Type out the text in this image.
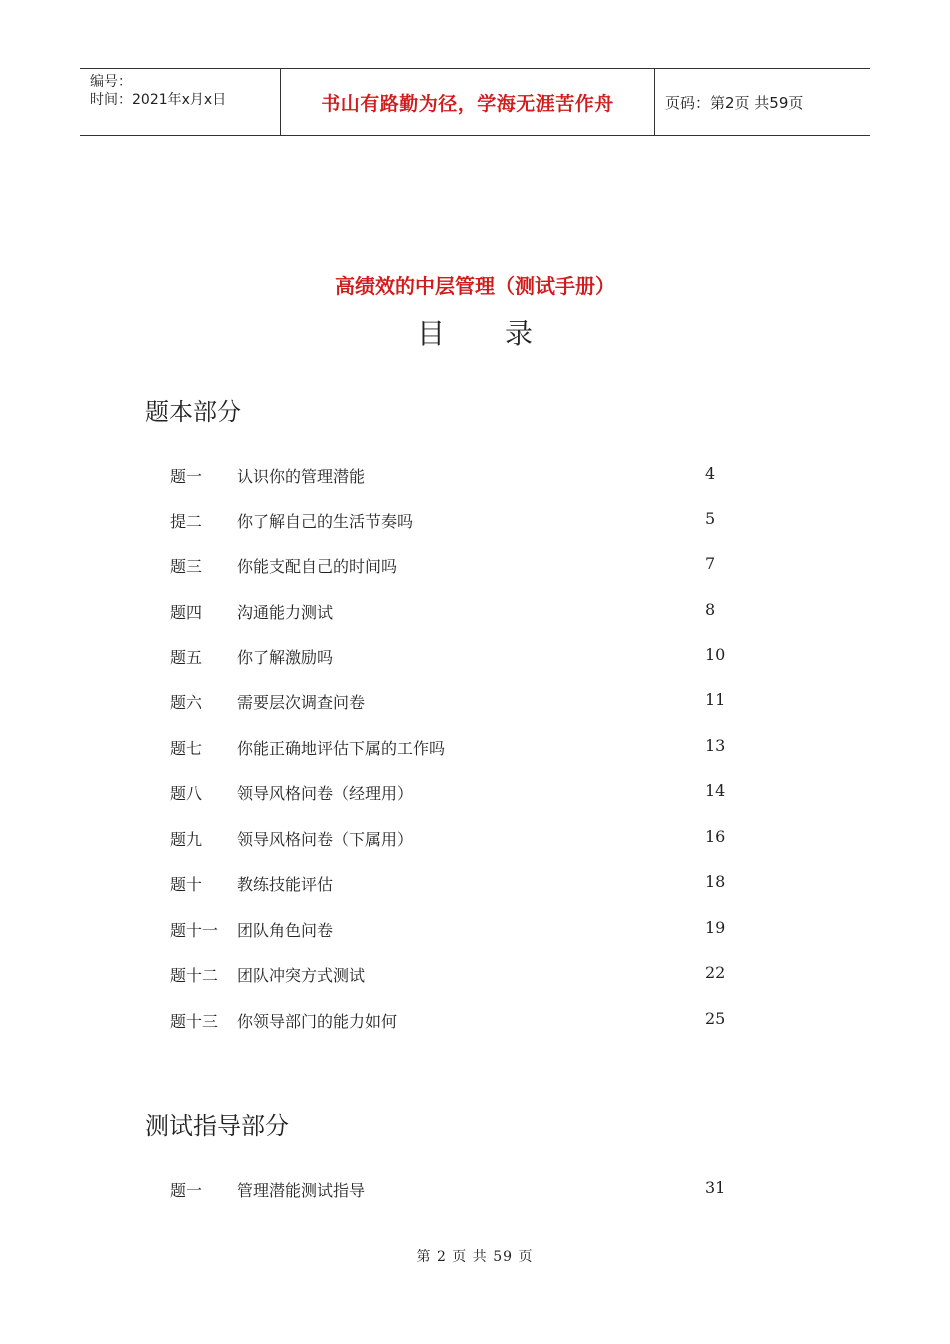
编号：
时间：2021年x月x日	书山有路勤为径，学海无涯苦作舟	页码：第2页 共59页
高绩效的中层管理（测试手册）
目录
题本部分
题一 认识你的管理潜能	4
提二 你了解自己的生活节奏吗	5
题三 你能支配自己的时间吗	7
题四 沟通能力测试	8
题五 你了解激励吗	10
题六 需要层次调查问卷	11
题七 你能正确地评估下属的工作吗	13
题八 领导风格问卷（经理用）	14
题九 领导风格问卷（下属用）	16
题十 教练技能评估	18
题十一 团队角色问卷	19
题十二 团队冲突方式测试	22
题十三 你领导部门的能力如何	25
测试指导部分
题一 管理潜能测试指导	31
第 2 页 共 59 页
